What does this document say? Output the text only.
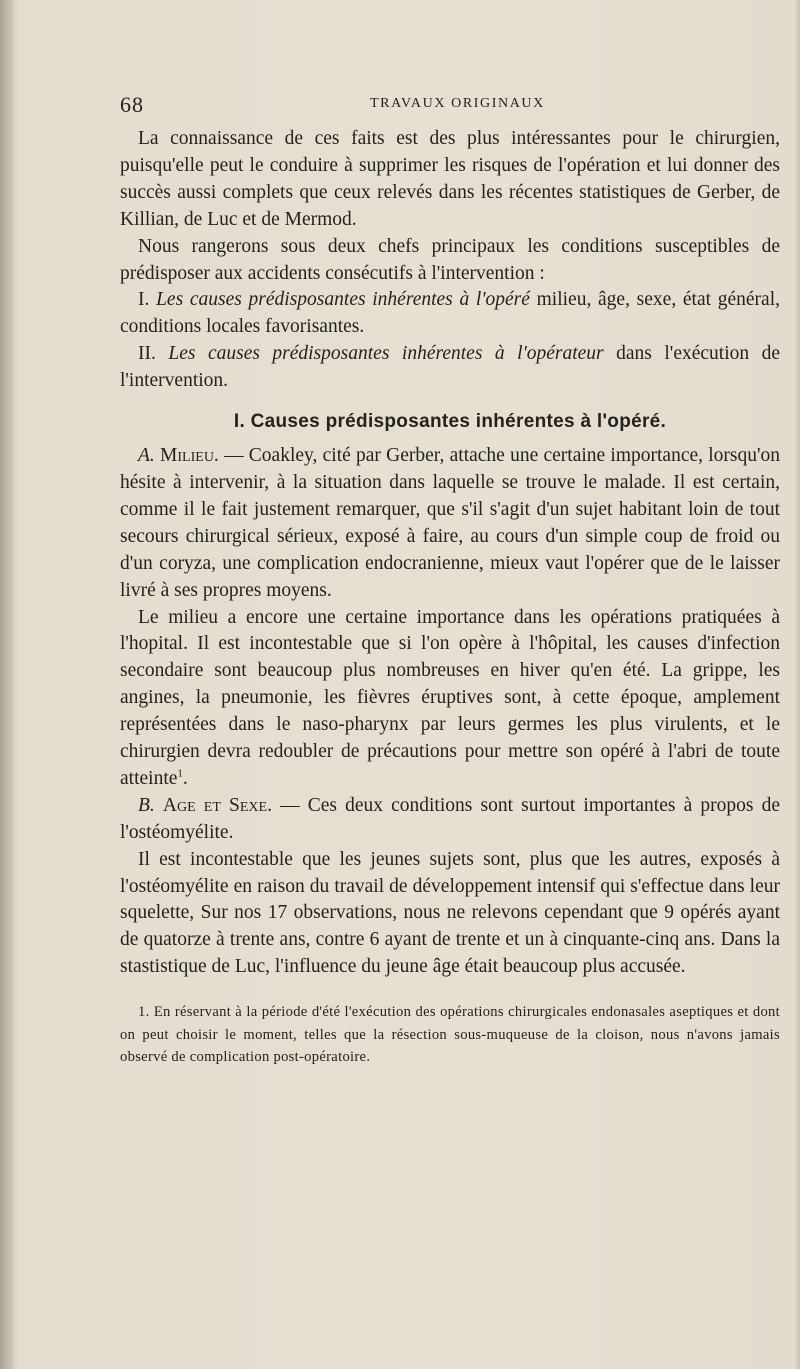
68	TRAVAUX ORIGINAUX

La connaissance de ces faits est des plus intéressantes pour le chirurgien, puisqu'elle peut le conduire à supprimer les risques de l'opération et lui donner des succès aussi complets que ceux relevés dans les récentes statistiques de Gerber, de Killian, de Luc et de Mermod.

Nous rangerons sous deux chefs principaux les conditions susceptibles de prédisposer aux accidents consécutifs à l'intervention :

I. Les causes prédisposantes inhérentes à l'opéré milieu, âge, sexe, état général, conditions locales favorisantes.

II. Les causes prédisposantes inhérentes à l'opérateur dans l'exécution de l'intervention.

I. Causes prédisposantes inhérentes à l'opéré.

A. Milieu. — Coakley, cité par Gerber, attache une certaine importance, lorsqu'on hésite à intervenir, à la situation dans laquelle se trouve le malade. Il est certain, comme il le fait justement remarquer, que s'il s'agit d'un sujet habitant loin de tout secours chirurgical sérieux, exposé à faire, au cours d'un simple coup de froid ou d'un coryza, une complication endocranienne, mieux vaut l'opérer que de le laisser livré à ses propres moyens.

Le milieu a encore une certaine importance dans les opérations pratiquées à l'hopital. Il est incontestable que si l'on opère à l'hôpital, les causes d'infection secondaire sont beaucoup plus nombreuses en hiver qu'en été. La grippe, les angines, la pneumonie, les fièvres éruptives sont, à cette époque, amplement représentées dans le naso-pharynx par leurs germes les plus virulents, et le chirurgien devra redoubler de précautions pour mettre son opéré à l'abri de toute atteinte$^1$.

B. Age et Sexe. — Ces deux conditions sont surtout importantes à propos de l'ostéomyélite.

Il est incontestable que les jeunes sujets sont, plus que les autres, exposés à l'ostéomyélite en raison du travail de développement intensif qui s'effectue dans leur squelette, Sur nos 17 observations, nous ne relevons cependant que 9 opérés ayant de quatorze à trente ans, contre 6 ayant de trente et un à cinquante-cinq ans. Dans la stastistique de Luc, l'influence du jeune âge était beaucoup plus accusée.

1. En réservant à la période d'été l'exécution des opérations chirurgicales endonasales aseptiques et dont on peut choisir le moment, telles que la résection sous-muqueuse de la cloison, nous n'avons jamais observé de complication post-opératoire.
